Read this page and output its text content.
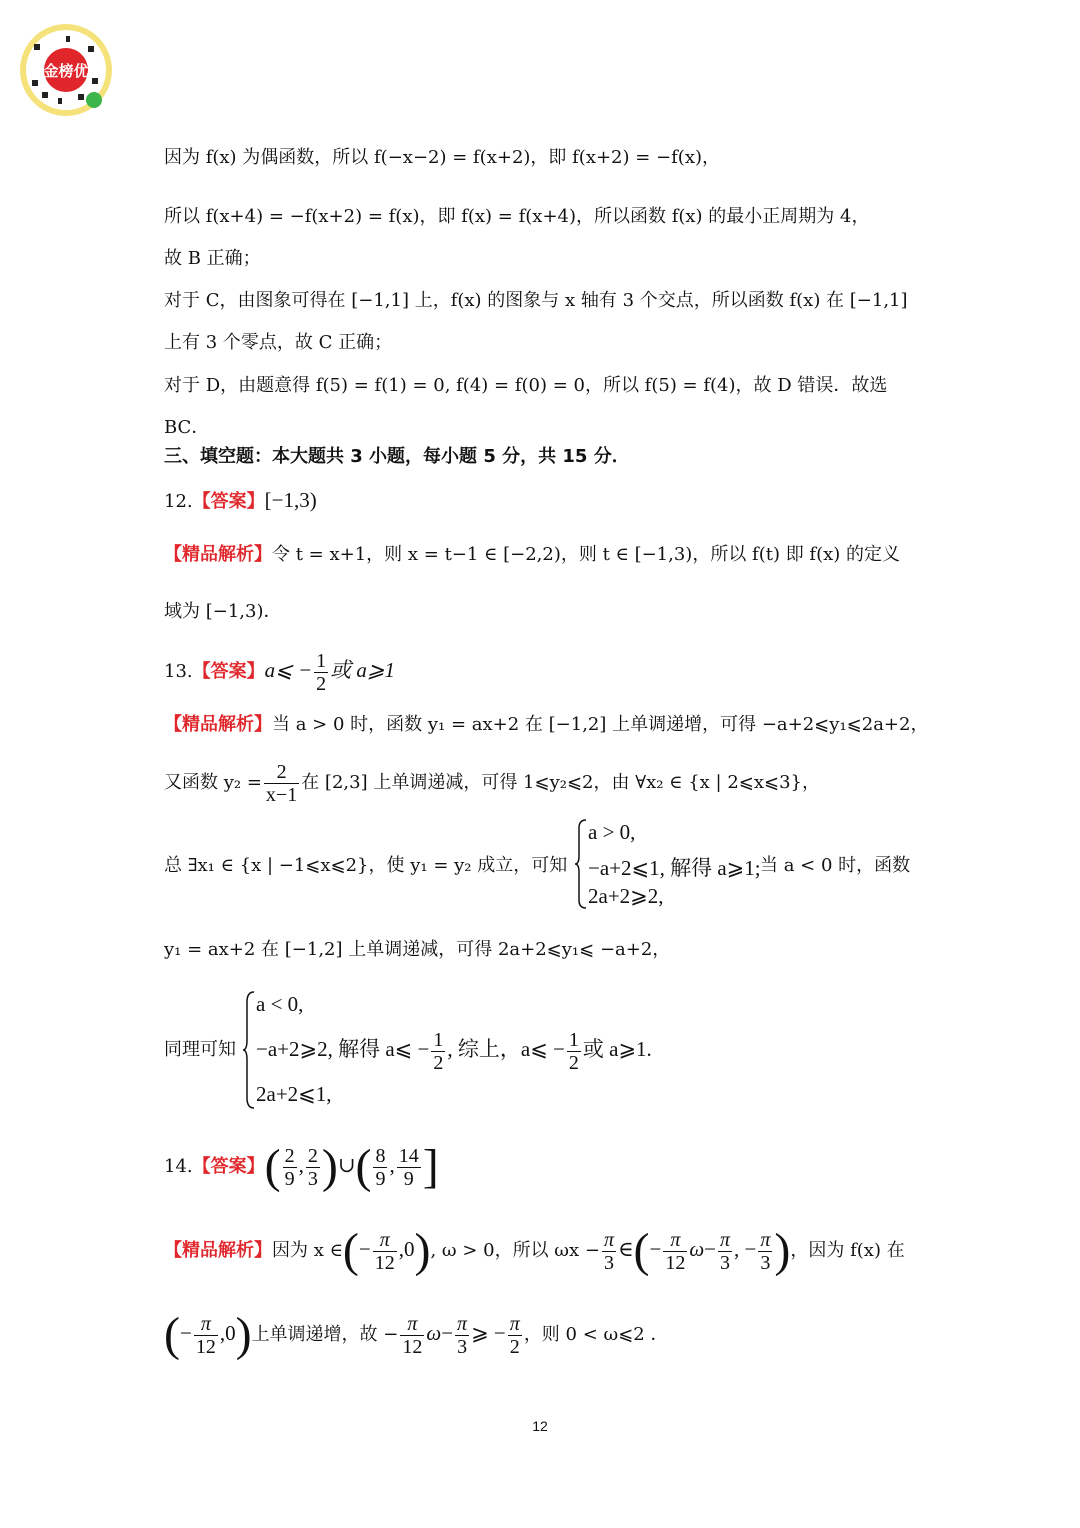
金榜优
因为 f(x) 为偶函数，所以 f(−x−2) = f(x+2)，即 f(x+2) = −f(x)，
所以 f(x+4) = −f(x+2) = f(x)，即 f(x) = f(x+4)，所以函数 f(x) 的最小正周期为 4，
故 B 正确；
对于 C，由图象可得在 [−1,1] 上，f(x) 的图象与 x 轴有 3 个交点，所以函数 f(x) 在 [−1,1]
上有 3 个零点，故 C 正确；
对于 D，由题意得 f(5) = f(1) = 0, f(4) = f(0) = 0，所以 f(5) = f(4)，故 D 错误．故选
BC．
三、填空题：本大题共 3 小题，每小题 5 分，共 15 分．
12.【答案】[−1,3)
【精品解析】令 t = x+1，则 x = t−1 ∈ [−2,2)，则 t ∈ [−1,3)，所以 f(t) 即 f(x) 的定义
域为 [−1,3)．
13.【答案】a⩽ − $\frac{1}{2}$ 或 a⩾1
【精品解析】当 a > 0 时，函数 y₁ = ax+2 在 [−1,2] 上单调递增，可得 −a+2⩽y₁⩽2a+2，
又函数 $y_2 = \frac{2}{x-1}$ 在 [2,3] 上单调递减，可得 1⩽y₂⩽2，由 ∀x₂ ∈ {x | 2⩽x⩽3}，
总 ∃x₁ ∈ {x | −1⩽x⩽2}，使 y₁ = y₂ 成立，可知
a > 0,
−a+2⩽1, 解得 a⩾1;
2a+2⩾2,
当 a < 0 时，函数
y₁ = ax+2 在 [−1,2] 上单调递减，可得 2a+2⩽y₁⩽ −a+2，
同理可知
a < 0,
−a+2⩾2, 解得 a⩽ − $\frac{1}{2}$ , 综上，a⩽ − $\frac{1}{2}$ 或 a⩾1.
2a+2⩽1,
14.【答案】( $\frac{2}{9}$ , $\frac{2}{3}$ )∪( $\frac{8}{9}$ , $\frac{14}{9}$ ]
【精品解析】因为 x ∈(− $\frac{\pi}{12} ,0$), ω > 0，所以 $\omega x - \frac{\pi}{3}$ ∈(− $\frac{\pi}{12} \omega- \frac{\pi}{3}$ , − $\frac{\pi}{3}$ )，因为 f(x) 在
(− $\frac{\pi}{12} ,0$)上单调递增，故 − $\frac{\pi}{12} \omega- \frac{\pi}{3}$ ⩾ − $\frac{\pi}{2}$ ，则 0 < ω⩽2 ．
12
